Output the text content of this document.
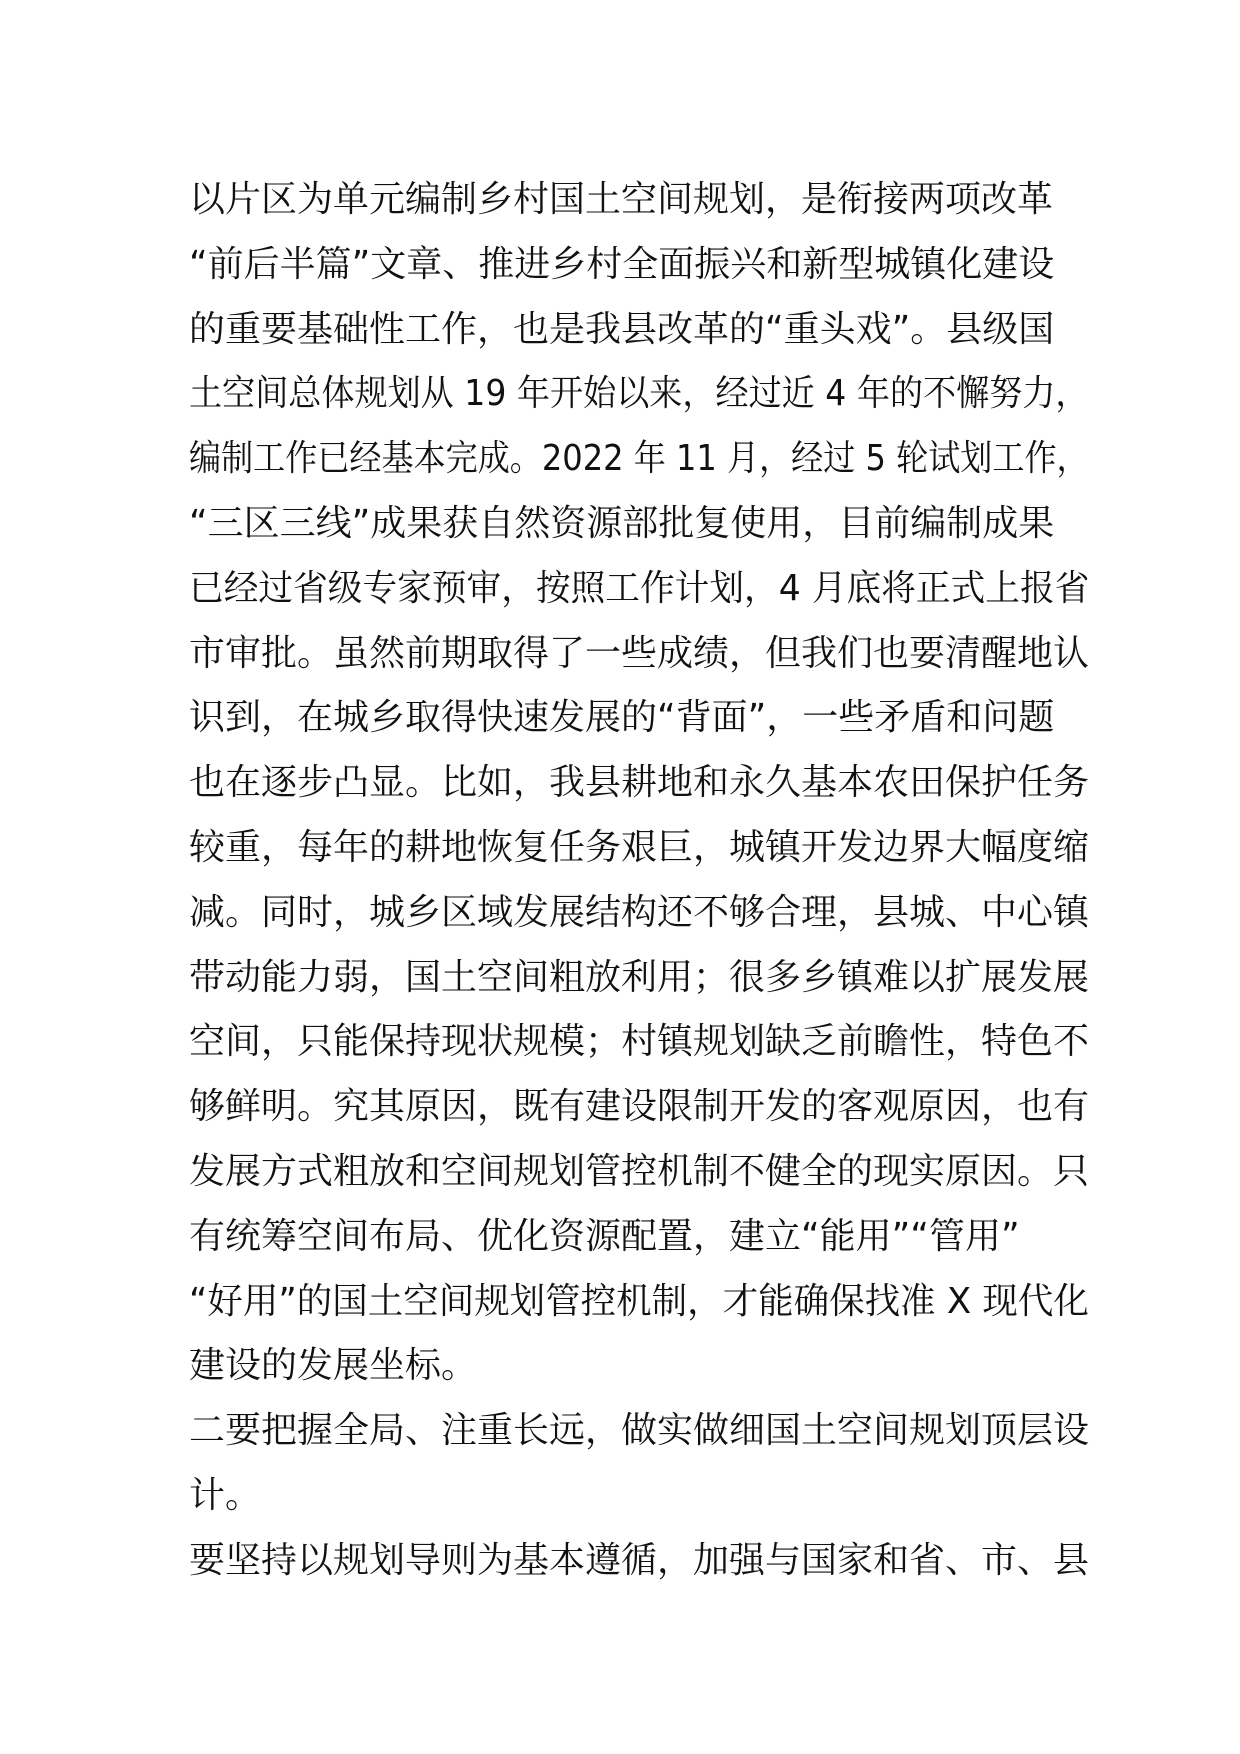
以片区为单元编制乡村国土空间规划，是衔接两项改革
“前后半篇”文章、推进乡村全面振兴和新型城镇化建设
的重要基础性工作，也是我县改革的“重头戏”。县级国
土空间总体规划从 19 年开始以来，经过近 4 年的不懈努力，
编制工作已经基本完成。2022 年 11 月，经过 5 轮试划工作，
“三区三线”成果获自然资源部批复使用，目前编制成果
已经过省级专家预审，按照工作计划，4 月底将正式上报省
市审批。虽然前期取得了一些成绩，但我们也要清醒地认
识到，在城乡取得快速发展的“背面”，一些矛盾和问题
也在逐步凸显。比如，我县耕地和永久基本农田保护任务
较重，每年的耕地恢复任务艰巨，城镇开发边界大幅度缩
减。同时，城乡区域发展结构还不够合理，县城、中心镇
带动能力弱，国土空间粗放利用；很多乡镇难以扩展发展
空间，只能保持现状规模；村镇规划缺乏前瞻性，特色不
够鲜明。究其原因，既有建设限制开发的客观原因，也有
发展方式粗放和空间规划管控机制不健全的现实原因。只
有统筹空间布局、优化资源配置，建立“能用”“管用”
“好用”的国土空间规划管控机制，才能确保找准 X 现代化
建设的发展坐标。
二要把握全局、注重长远，做实做细国土空间规划顶层设
计。
要坚持以规划导则为基本遵循，加强与国家和省、市、县
